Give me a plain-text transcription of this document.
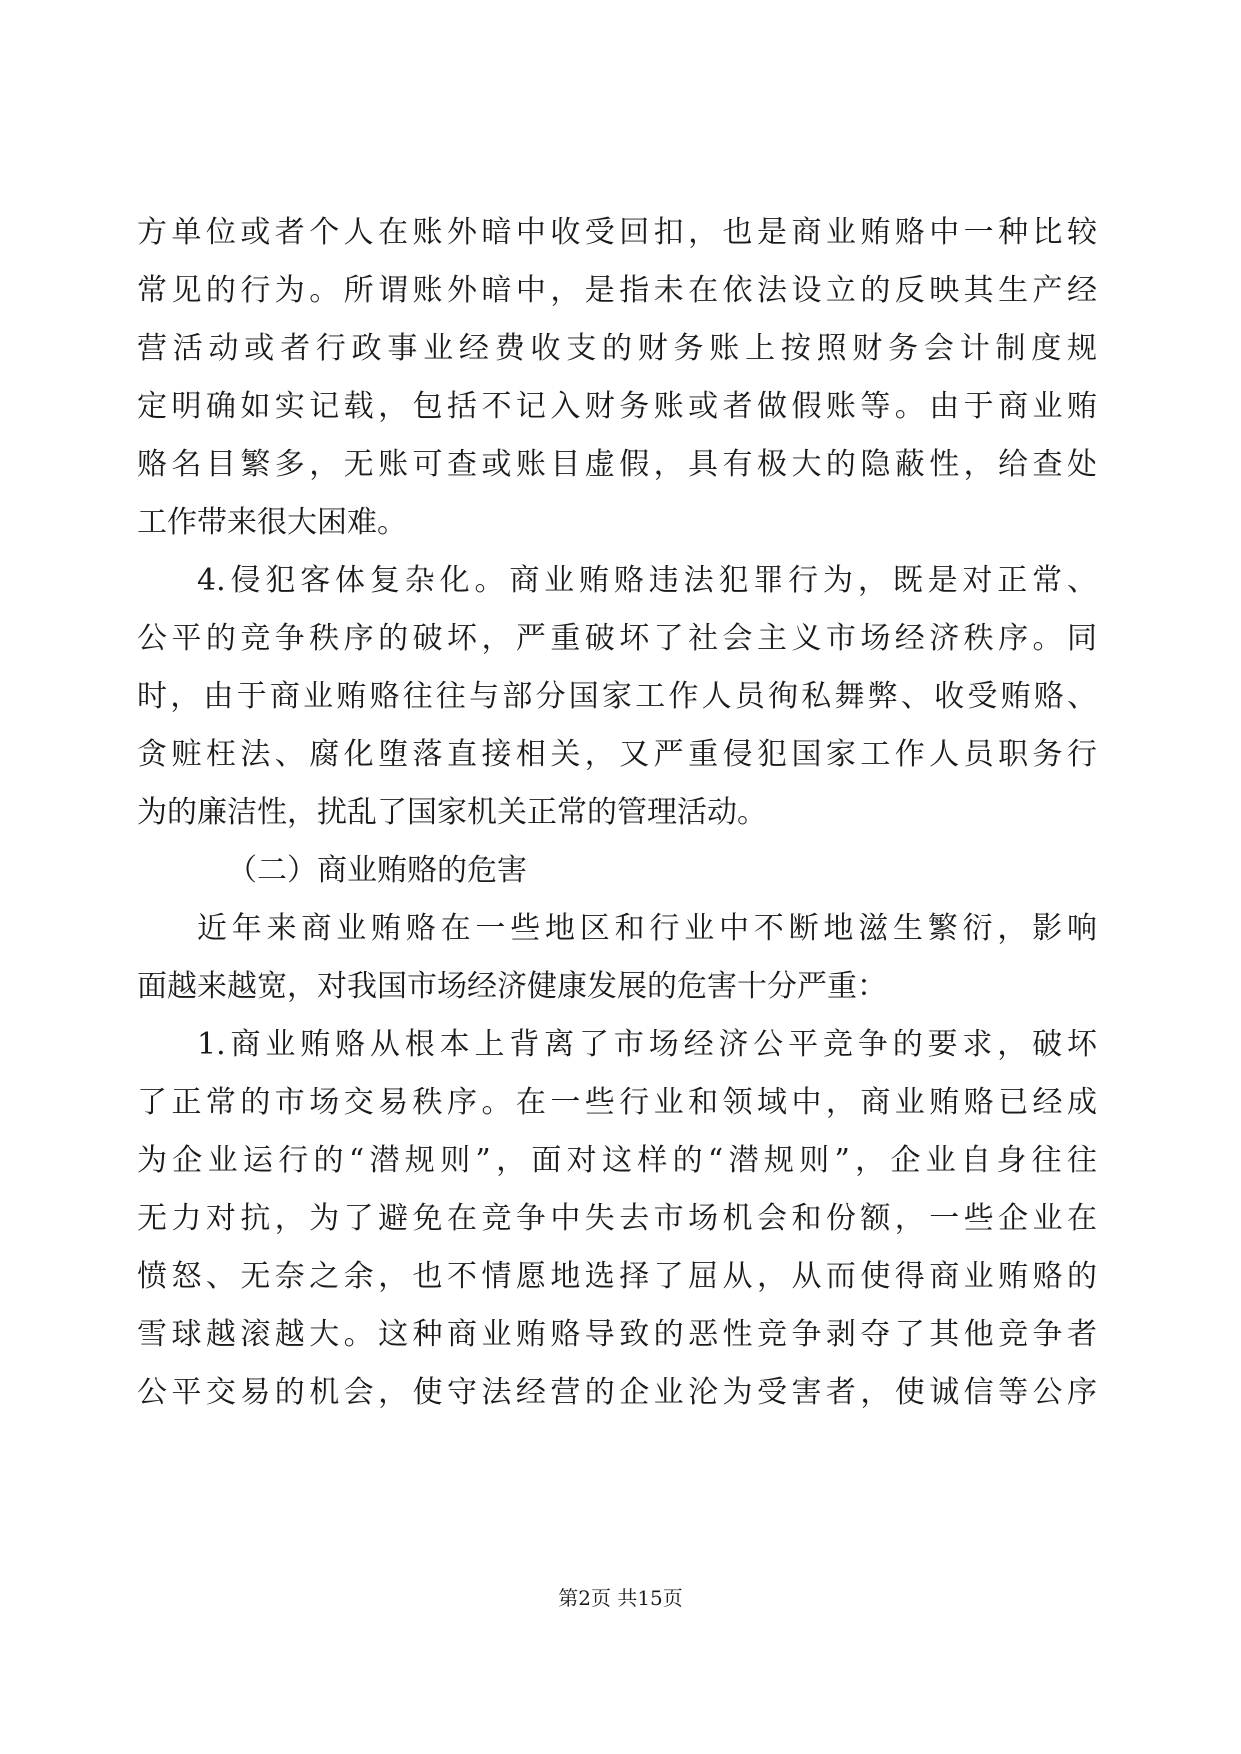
方单位或者个人在账外暗中收受回扣，也是商业贿赂中一种比较
常见的行为。所谓账外暗中，是指未在依法设立的反映其生产经
营活动或者行政事业经费收支的财务账上按照财务会计制度规
定明确如实记载，包括不记入财务账或者做假账等。由于商业贿
赂名目繁多，无账可查或账目虚假，具有极大的隐蔽性，给查处
工作带来很大困难。
4.侵犯客体复杂化。商业贿赂违法犯罪行为，既是对正常、
公平的竞争秩序的破坏，严重破坏了社会主义市场经济秩序。同
时，由于商业贿赂往往与部分国家工作人员徇私舞弊、收受贿赂、
贪赃枉法、腐化堕落直接相关，又严重侵犯国家工作人员职务行
为的廉洁性，扰乱了国家机关正常的管理活动。
（二）商业贿赂的危害
近年来商业贿赂在一些地区和行业中不断地滋生繁衍，影响
面越来越宽，对我国市场经济健康发展的危害十分严重：
1.商业贿赂从根本上背离了市场经济公平竞争的要求，破坏
了正常的市场交易秩序。在一些行业和领域中，商业贿赂已经成
为企业运行的“潜规则”，面对这样的“潜规则”，企业自身往往
无力对抗，为了避免在竞争中失去市场机会和份额，一些企业在
愤怒、无奈之余，也不情愿地选择了屈从，从而使得商业贿赂的
雪球越滚越大。这种商业贿赂导致的恶性竞争剥夺了其他竞争者
公平交易的机会，使守法经营的企业沦为受害者，使诚信等公序
第2页 共15页
